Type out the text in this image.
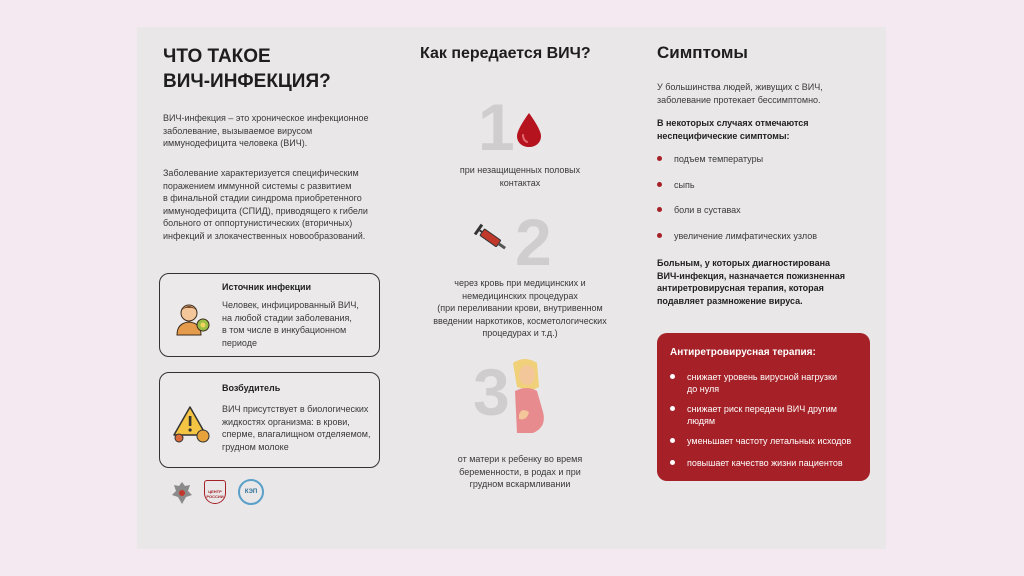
ЧТО ТАКОЕ
ВИЧ-ИНФЕКЦИЯ?
ВИЧ-инфекция – это хроническое инфекционное
заболевание, вызываемое вирусом
иммунодефицита человека (ВИЧ).
Заболевание характеризуется специфическим
поражением иммунной системы с развитием
в финальной стадии синдрома приобретенного
иммунодефицита (СПИД), приводящего к гибели
больного от оппортунистических (вторичных)
инфекций и злокачественных новообразований.
Источник инфекции
Человек, инфицированный ВИЧ,
на любой стадии заболевания,
в том числе в инкубационном
периоде
Возбудитель
ВИЧ присутствует в биологических
жидкостях организма: в крови,
сперме, влагалищном отделяемом,
грудном молоке
ЦЕНТР
РОССИИ
КЭП
Как передается ВИЧ?
1
при незащищенных половых
контактах
2
через кровь при медицинских и
немедицинских процедурах
(при переливании крови, внутривенном
введении наркотиков, косметологических
процедурах и т.д.)
3
от матери к ребенку во время
беременности, в родах и при
грудном вскармливании
Симптомы
У большинства людей, живущих с ВИЧ,
заболевание протекает бессимптомно.
В некоторых случаях отмечаются
неспецифические симптомы:
подъем температуры
сыпь
боли в суставах
увеличение лимфатических узлов
Больным, у которых диагностирована
ВИЧ-инфекция, назначается пожизненная
антиретровирусная терапия, которая
подавляет размножение вируса.
Антиретровирусная терапия:
снижает уровень вирусной нагрузки
до нуля
снижает риск передачи ВИЧ другим
людям
уменьшает частоту летальных исходов
повышает качество жизни пациентов
